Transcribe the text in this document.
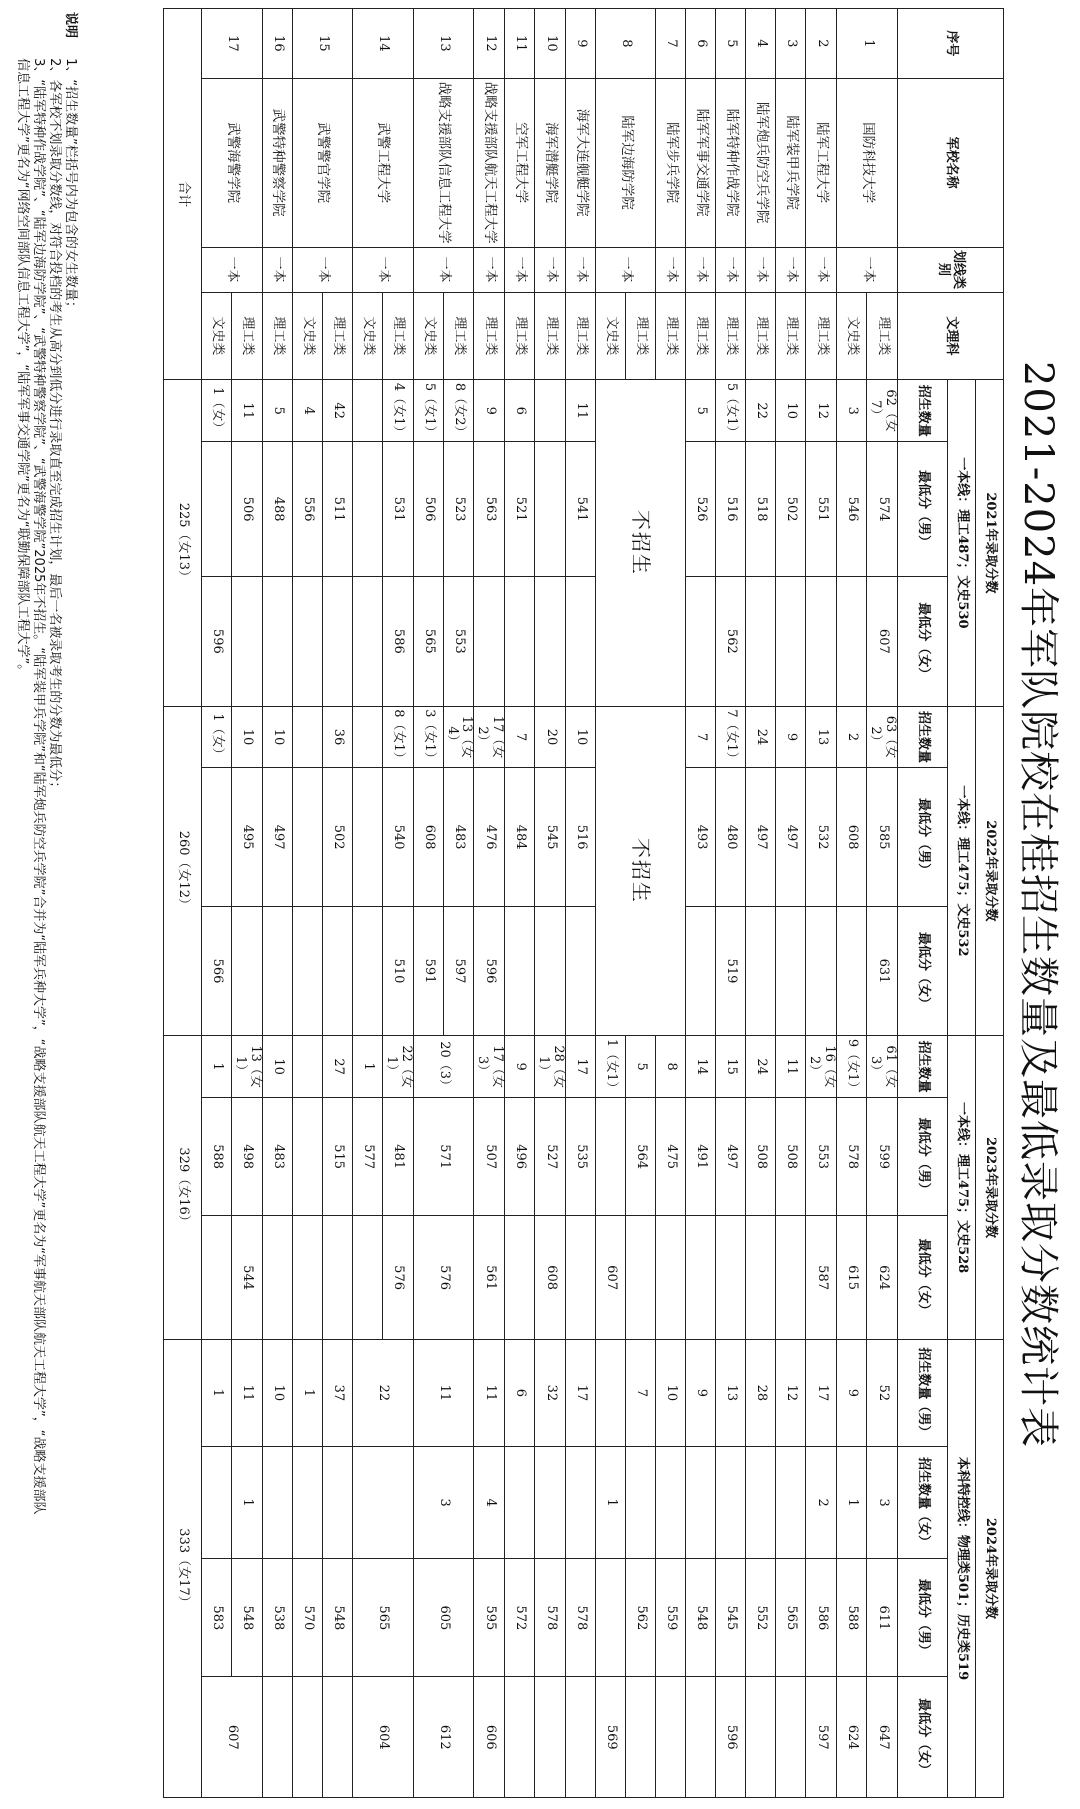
2021-2024年军队院校在桂招生数量及最低录取分数统计表
序号	军校名称	划线类别	文理科	2021年录取分数			2022年录取分数			2023年录取分数			2024年录取分数			
				一本线：理工487；文史530			一本线：理工475；文史532			一本线：理工475；文史528			本科特控线：物理类501；历史类519			
				招生数量	最低分（男）	最低分（女）	招生数量	最低分（男）	最低分（女）	招生数量	最低分（男）	最低分（女）	招生数量（男）	招生数量（女）	最低分（男）	最低分（女）
1	国防科技大学	一本	理工类	62（女7）	574	607	63（女2）	585	631	61（女3）	599	624	52	3	611	647
			文史类	3	546		2	608		9（女1）	578	615	9	1	588	624
2	陆军工程大学	一本	理工类	12	551		13	532		16（女2）	553	587	17	2	586	597
3	陆军装甲兵学院	一本	理工类	10	502		9	497		11	508		12		565	
4	陆军炮兵防空兵学院	一本	理工类	22	518		24	497		24	508		28		552	
5	陆军特种作战学院	一本	理工类	5（女1）	516	562	7（女1）	480	519	15	497		13		545	596
6	陆军军事交通学院	一本	理工类	5	526		7	493		14	491		9		548	
7	陆军步兵学院	一本	理工类	不招生			不招生			8	475		10		559	
8	陆军边海防学院	一本	理工类							5	564		7		562	
			文史类							1（女1）		607		1		569
9	海军大连舰艇学院	一本	理工类	11	541		10	516		17	535		17		578	
10	海军潜艇学院	一本	理工类				20	545		28（女1）	527	608	32		578	
11	空军工程大学	一本	理工类	6	521		7	484		9	496		6		572	
12	战略支援部队航天工程大学	一本	理工类	9	563		17（女2）	476	596	17（女3）	507	561	11	4	595	606
13	战略支援部队信息工程大学	一本	理工类	8（女2）	523	553	13（女4）	483	597	20（3）	571	576	11	3	605	612
			文史类	5（女1）	506	565	3（女1）	608	591							
14	武警工程大学	一本	理工类	4（女1）	531	586	8（女1）	540	510	22（女1）	481	576	22		565	604
			文史类							1	577					
15	武警警官学院	一本	理工类	42	511		36	502		27	515		37		548	
			文史类	4	556								1		570	
16	武警特种警察学院	一本	理工类	5	488		10	497		10	483		10		538	
17	武警海警学院	一本	理工类	11	506		10	495		13（女1）	498	544	11	1	548	607
			文史类	1（女）		596	1（女）		566	1	588		1		583	
合计				225（女13）			260（女12）			329（女16）			333（女17）			
说明
1、“招生数量”栏括号内为包含的女生数量；
2、各军校不划录取分数线，对符合投档的考生从高分到低分进行录取直至完成招生计划，最后一名被录取考生的分数为最低分；
3、“陆军特种作战学院”、“陆军边海防学院”、“武警特种警察学院”、“武警海警学院”2025年不招生。“陆军装甲兵学院”和“陆军炮兵防空兵学院”合并为“陆军兵种大学”，“战略支援部队航天工程大学”更名为“军事航天部队航天工程大学”，“战略支援部队
信息工程大学”更名为“网络空间部队信息工程大学”，“陆军军事交通学院”更名为“联勤保障部队工程大学”。
